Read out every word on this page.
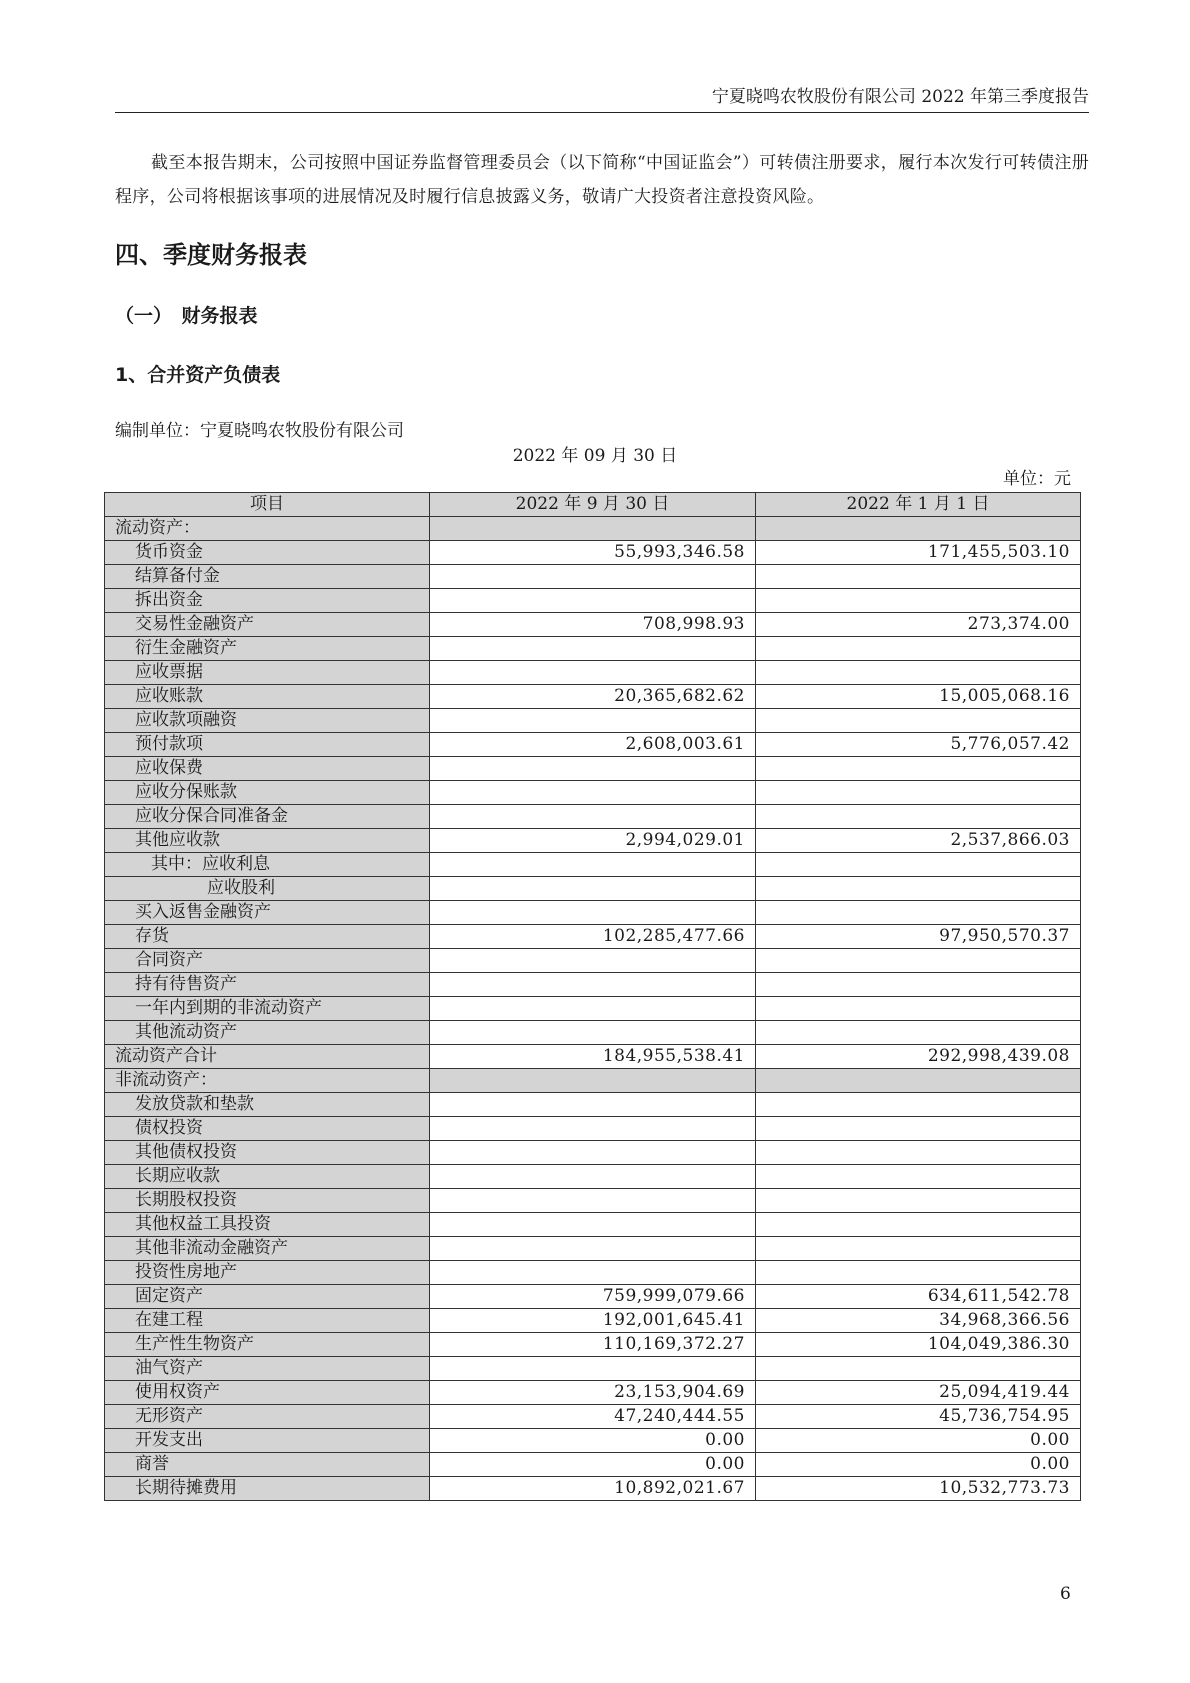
宁夏晓鸣农牧股份有限公司 2022 年第三季度报告
截至本报告期末，公司按照中国证券监督管理委员会（以下简称“中国证监会”）可转债注册要求，履行本次发行可转债注册程序，公司将根据该事项的进展情况及时履行信息披露义务，敬请广大投资者注意投资风险。
四、季度财务报表
（一）　财务报表
1、合并资产负债表
编制单位：宁夏晓鸣农牧股份有限公司
2022 年 09 月 30 日
单位：元
项目	2022 年 9 月 30 日	2022 年 1 月 1 日
流动资产：		
货币资金	55,993,346.58	171,455,503.10
结算备付金		
拆出资金		
交易性金融资产	708,998.93	273,374.00
衍生金融资产		
应收票据		
应收账款	20,365,682.62	15,005,068.16
应收款项融资		
预付款项	2,608,003.61	5,776,057.42
应收保费		
应收分保账款		
应收分保合同准备金		
其他应收款	2,994,029.01	2,537,866.03
其中：应收利息		
应收股利		
买入返售金融资产		
存货	102,285,477.66	97,950,570.37
合同资产		
持有待售资产		
一年内到期的非流动资产		
其他流动资产		
流动资产合计	184,955,538.41	292,998,439.08
非流动资产：		
发放贷款和垫款		
债权投资		
其他债权投资		
长期应收款		
长期股权投资		
其他权益工具投资		
其他非流动金融资产		
投资性房地产		
固定资产	759,999,079.66	634,611,542.78
在建工程	192,001,645.41	34,968,366.56
生产性生物资产	110,169,372.27	104,049,386.30
油气资产		
使用权资产	23,153,904.69	25,094,419.44
无形资产	47,240,444.55	45,736,754.95
开发支出	0.00	0.00
商誉	0.00	0.00
长期待摊费用	10,892,021.67	10,532,773.73
6
